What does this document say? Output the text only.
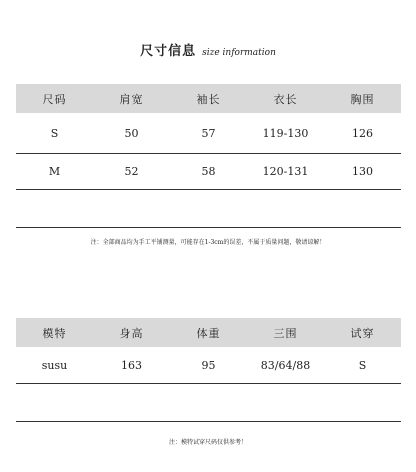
尺寸信息 size information
尺码	肩宽	袖长	衣长	胸围
S	50	57	119-130	126
M	52	58	120-131	130
注：全部商品均为手工平铺测量，可能存在1-3cm的误差，不属于质量问题，敬请谅解！
模特	身高	体重	三围	试穿
susu	163	95	83/64/88	S
注：模特试穿尺码仅供参考！
